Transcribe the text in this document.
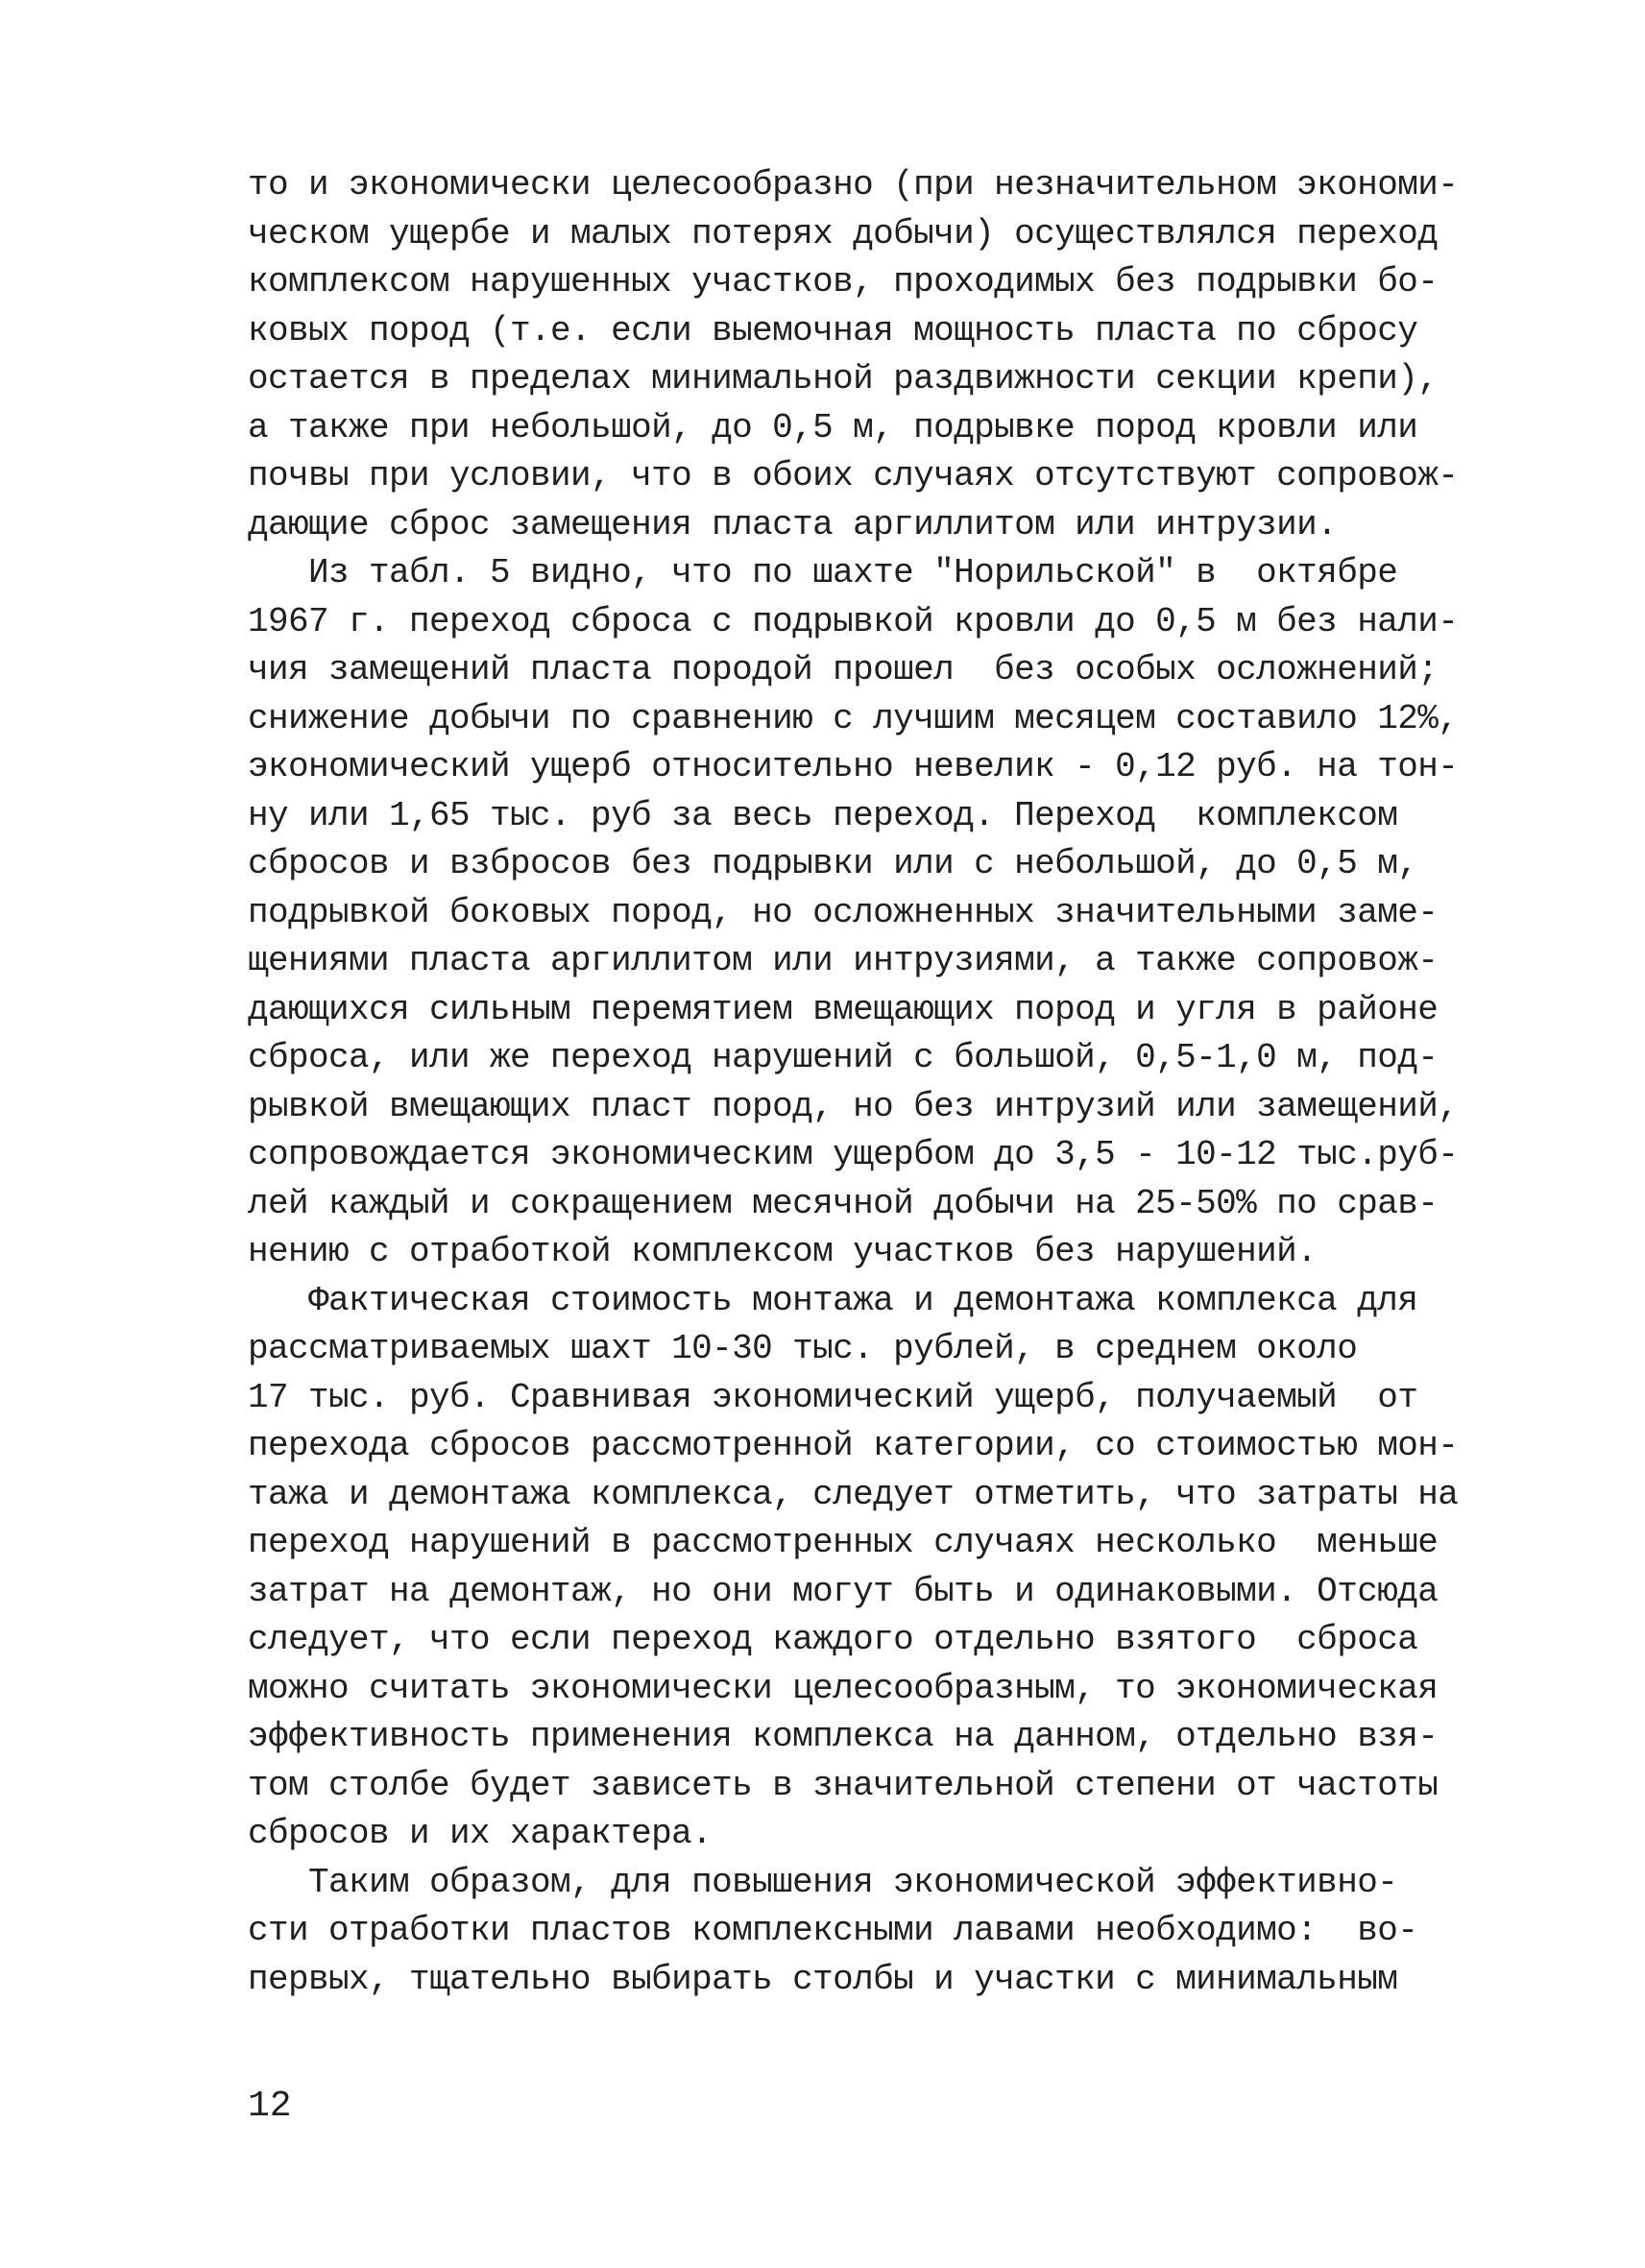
то и экономически целесообразно (при незначительном экономи-
ческом ущербе и малых потерях добычи) осуществлялся переход
комплексом нарушенных участков, проходимых без подрывки бо-
ковых пород (т.е. если выемочная мощность пласта по сбросу
остается в пределах минимальной раздвижности секции крепи),
а также при небольшой, до 0,5 м, подрывке пород кровли или
почвы при условии, что в обоих случаях отсутствуют сопровож-
дающие сброс замещения пласта аргиллитом или интрузии.
Из табл. 5 видно, что по шахте "Норильской" в  октябре
1967 г. переход сброса с подрывкой кровли до 0,5 м без нали-
чия замещений пласта породой прошел  без особых осложнений;
снижение добычи по сравнению с лучшим месяцем составило 12%,
экономический ущерб относительно невелик - 0,12 руб. на тон-
ну или 1,65 тыс. руб за весь переход. Переход  комплексом
сбросов и взбросов без подрывки или с небольшой, до 0,5 м,
подрывкой боковых пород, но осложненных значительными заме-
щениями пласта аргиллитом или интрузиями, а также сопровож-
дающихся сильным перемятием вмещающих пород и угля в районе
сброса, или же переход нарушений с большой, 0,5-1,0 м, под-
рывкой вмещающих пласт пород, но без интрузий или замещений,
сопровождается экономическим ущербом до 3,5 - 10-12 тыс.руб-
лей каждый и сокращением месячной добычи на 25-50% по срав-
нению с отработкой комплексом участков без нарушений.
Фактическая стоимость монтажа и демонтажа комплекса для
рассматриваемых шахт 10-30 тыс. рублей, в среднем около
17 тыс. руб. Сравнивая экономический ущерб, получаемый  от
перехода сбросов рассмотренной категории, со стоимостью мон-
тажа и демонтажа комплекса, следует отметить, что затраты на
переход нарушений в рассмотренных случаях несколько  меньше
затрат на демонтаж, но они могут быть и одинаковыми. Отсюда
следует, что если переход каждого отдельно взятого  сброса
можно считать экономически целесообразным, то экономическая
эффективность применения комплекса на данном, отдельно взя-
том столбе будет зависеть в значительной степени от частоты
сбросов и их характера.
Таким образом, для повышения экономической эффективно-
сти отработки пластов комплексными лавами необходимо:  во-
первых, тщательно выбирать столбы и участки с минимальным
12
